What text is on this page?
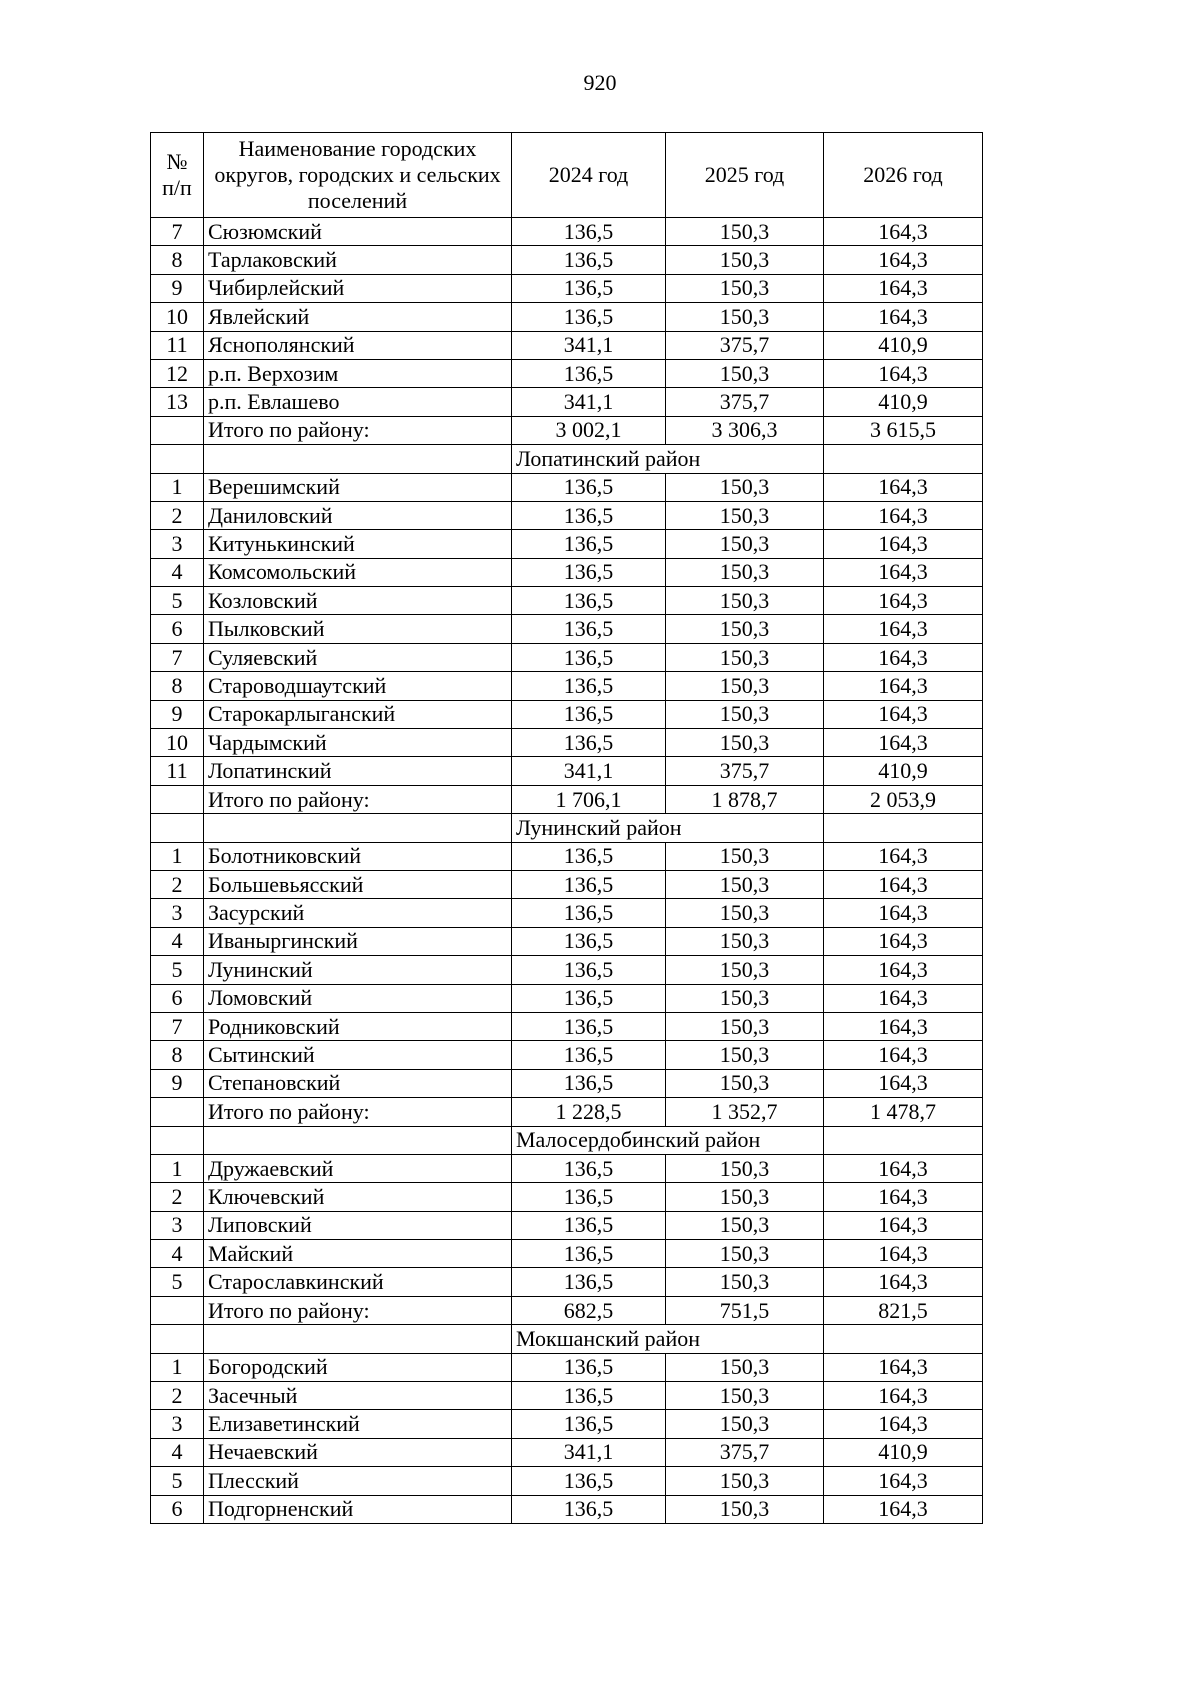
920
№ п/п	Наименование городских округов, городских и сельских поселений	2024 год	2025 год	2026 год
7	Сюзюмский	136,5	150,3	164,3
8	Тарлаковский	136,5	150,3	164,3
9	Чибирлейский	136,5	150,3	164,3
10	Явлейский	136,5	150,3	164,3
11	Яснополянский	341,1	375,7	410,9
12	р.п. Верхозим	136,5	150,3	164,3
13	р.п. Евлашево	341,1	375,7	410,9
	Итого по району:	3 002,1	3 306,3	3 615,5
		Лопатинский район		
1	Верешимский	136,5	150,3	164,3
2	Даниловский	136,5	150,3	164,3
3	Китунькинский	136,5	150,3	164,3
4	Комсомольский	136,5	150,3	164,3
5	Козловский	136,5	150,3	164,3
6	Пылковский	136,5	150,3	164,3
7	Суляевский	136,5	150,3	164,3
8	Староводшаутский	136,5	150,3	164,3
9	Старокарлыганский	136,5	150,3	164,3
10	Чардымский	136,5	150,3	164,3
11	Лопатинский	341,1	375,7	410,9
	Итого по району:	1 706,1	1 878,7	2 053,9
		Лунинский район		
1	Болотниковский	136,5	150,3	164,3
2	Большевьясский	136,5	150,3	164,3
3	Засурский	136,5	150,3	164,3
4	Иваныргинский	136,5	150,3	164,3
5	Лунинский	136,5	150,3	164,3
6	Ломовский	136,5	150,3	164,3
7	Родниковский	136,5	150,3	164,3
8	Сытинский	136,5	150,3	164,3
9	Степановский	136,5	150,3	164,3
	Итого по району:	1 228,5	1 352,7	1 478,7
		Малосердобинский район		
1	Дружаевский	136,5	150,3	164,3
2	Ключевский	136,5	150,3	164,3
3	Липовский	136,5	150,3	164,3
4	Майский	136,5	150,3	164,3
5	Старославкинский	136,5	150,3	164,3
	Итого по району:	682,5	751,5	821,5
		Мокшанский район		
1	Богородский	136,5	150,3	164,3
2	Засечный	136,5	150,3	164,3
3	Елизаветинский	136,5	150,3	164,3
4	Нечаевский	341,1	375,7	410,9
5	Плесский	136,5	150,3	164,3
6	Подгорненский	136,5	150,3	164,3
